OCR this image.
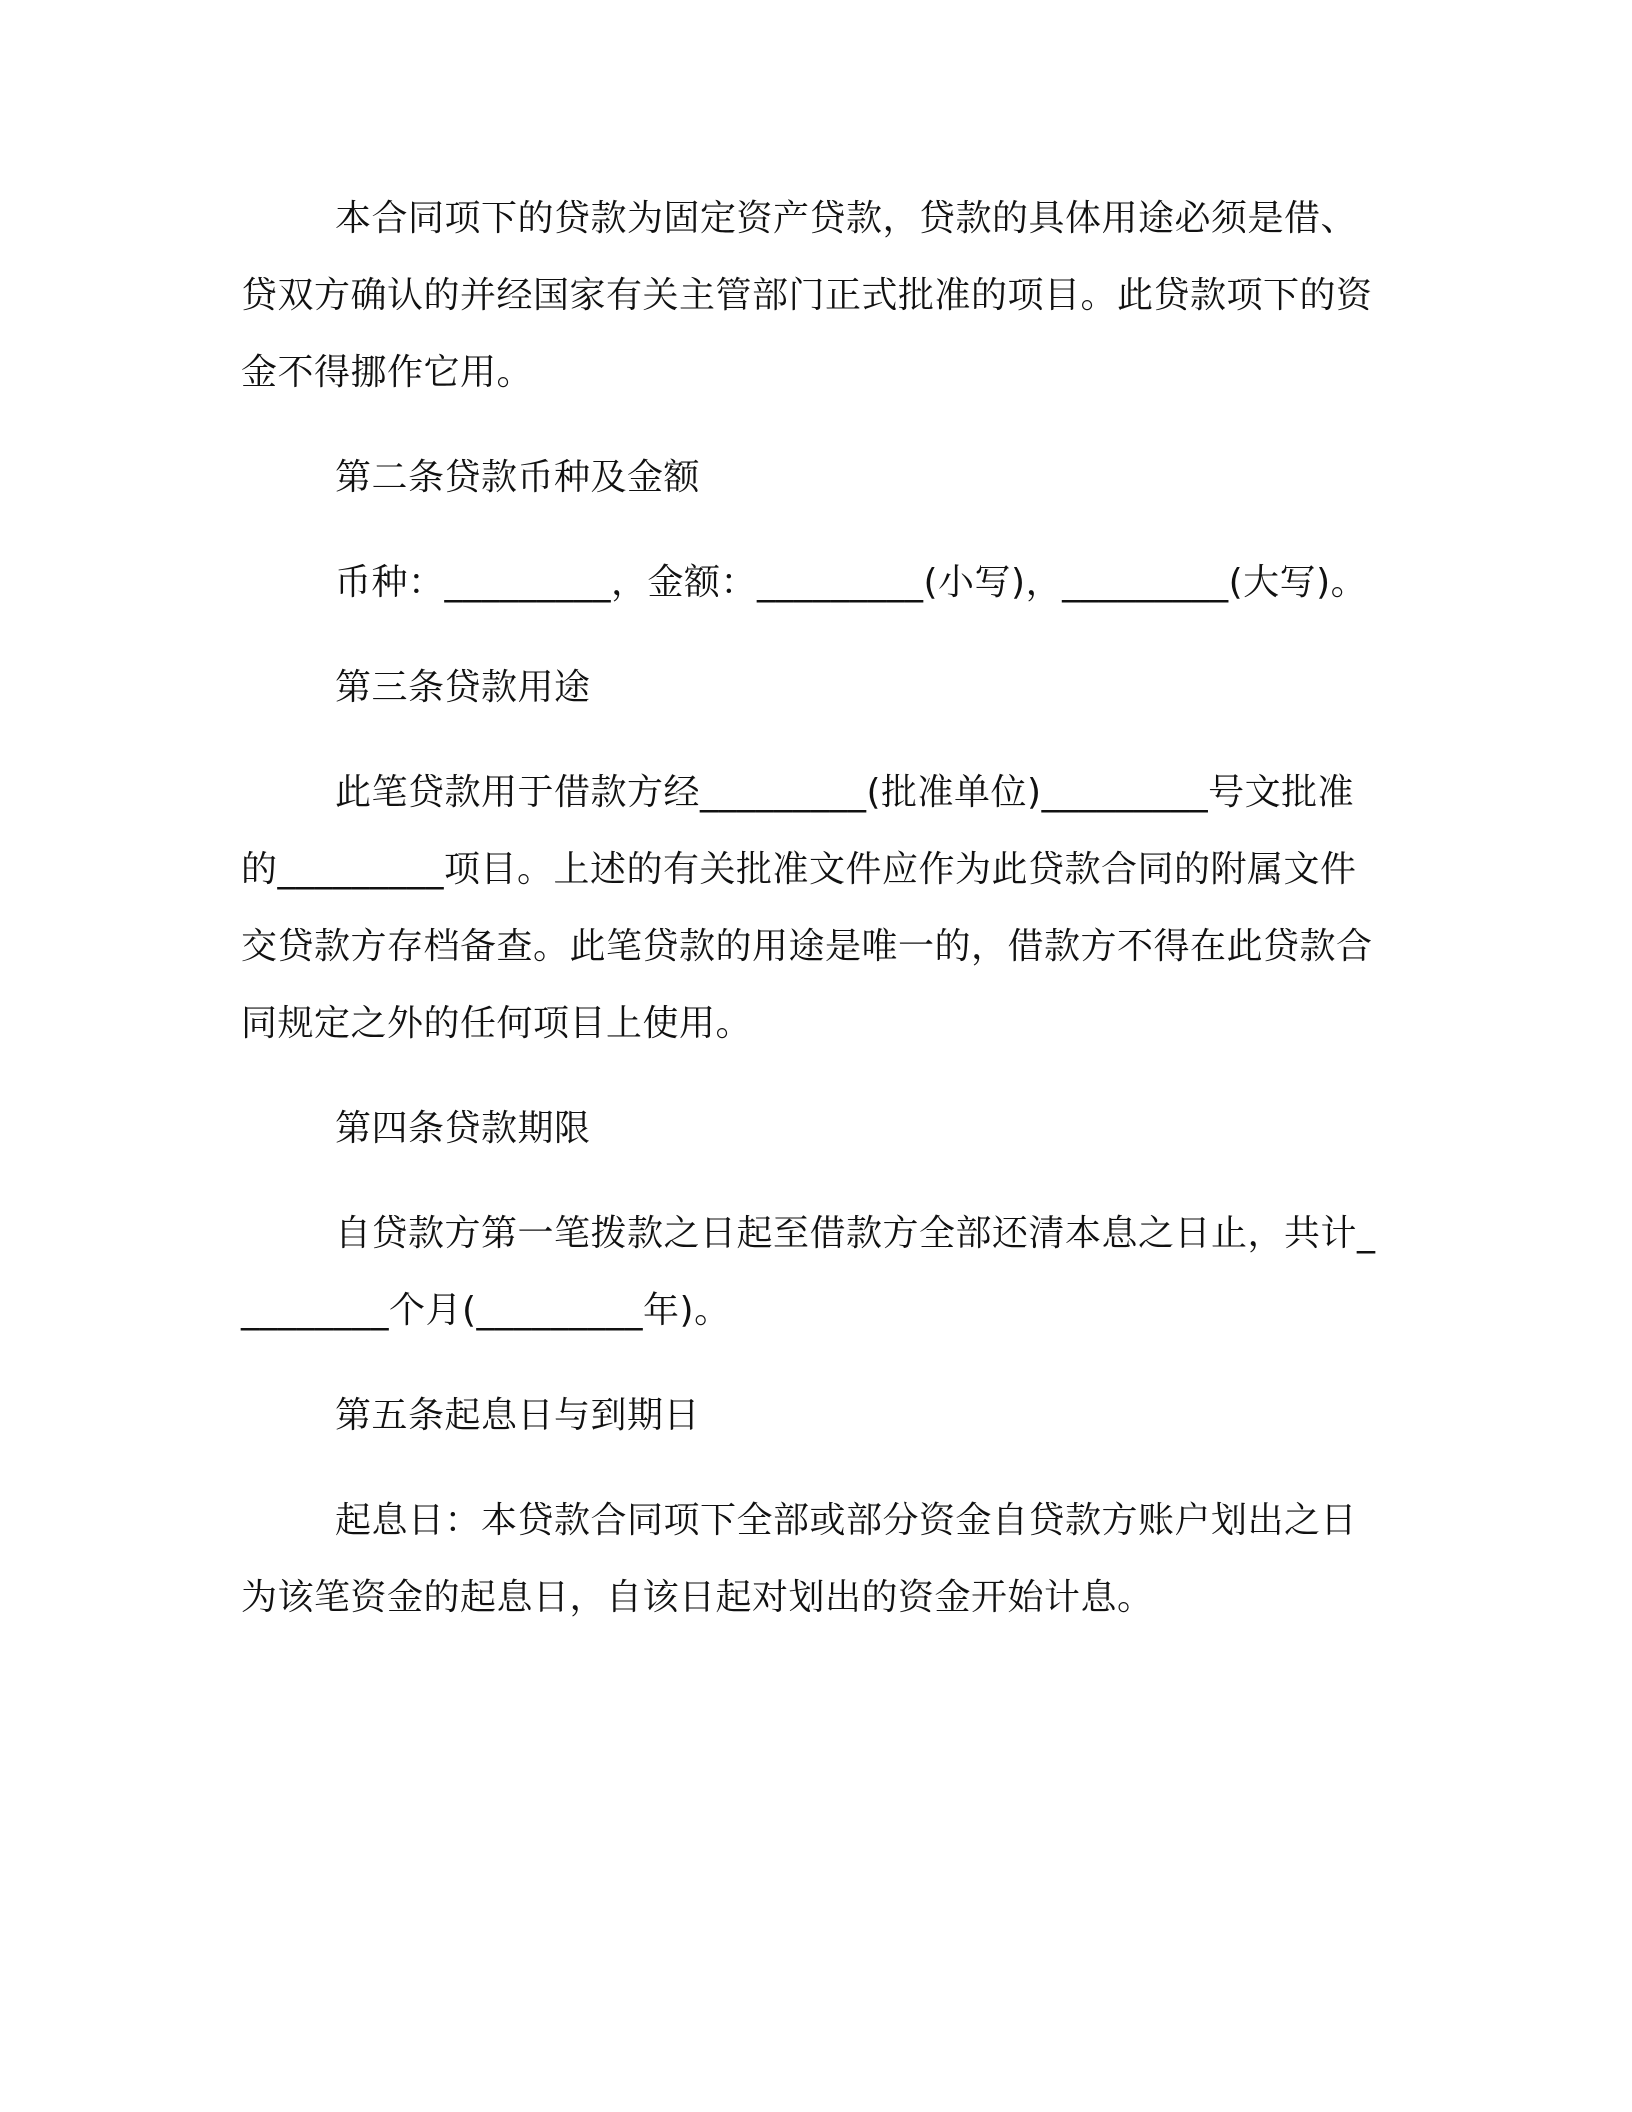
本合同项下的贷款为固定资产贷款，贷款的具体用途必须是借、贷双方确认的并经国家有关主管部门正式批准的项目。此贷款项下的资金不得挪作它用。

第二条贷款币种及金额

币种：_________，金额：_________(小写)，_________(大写)。

第三条贷款用途

此笔贷款用于借款方经_________(批准单位)_________号文批准的_________项目。上述的有关批准文件应作为此贷款合同的附属文件交贷款方存档备查。此笔贷款的用途是唯一的，借款方不得在此贷款合同规定之外的任何项目上使用。

第四条贷款期限

自贷款方第一笔拨款之日起至借款方全部还清本息之日止，共计_________个月(_________年)。

第五条起息日与到期日

起息日：本贷款合同项下全部或部分资金自贷款方账户划出之日为该笔资金的起息日，自该日起对划出的资金开始计息。
